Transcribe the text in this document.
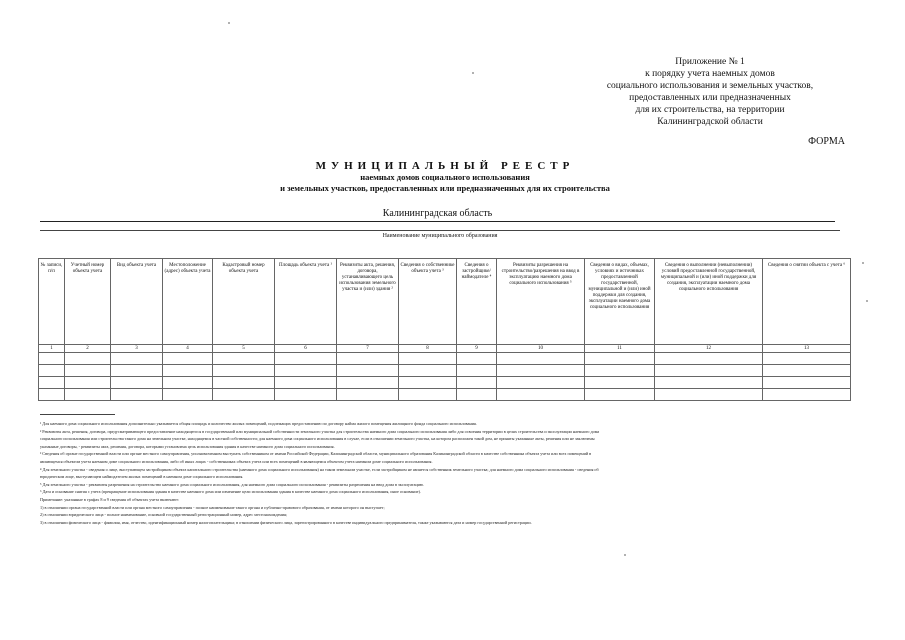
Приложение № 1
к порядку учета наемных домов
социального использования и земельных участков,
предоставленных или предназначенных
для их строительства, на территории
Калининградской области
ФОРМА
МУНИЦИПАЛЬНЫЙ РЕЕСТР
наемных домов социального использования
и земельных участков, предоставленных или предназначенных для их строительства
Калининградская область
Наименование муниципального образования
№ записи, п/п	Учетный номер объекта учета	Вид объекта учета	Местоположение (адрес) объекта учета	Кадастровый номер объекта учета	Площадь объекта учета ¹	Реквизиты акта, решения, договора, устанавливающего цель использования земельного участка и (или) здания ²	Сведения о собственнике объекта учета ³	Сведения о застройщике/ наймодателе ⁴	Реквизиты разрешения на строительство/разрешения на ввод в эксплуатацию наемного дома социального использования ⁵	Сведения о видах, объемах, условиях и источниках предоставленной государственной, муниципальной и (или) иной поддержки для создания, эксплуатации наемного дома социального использования	Сведения о выполнении (невыполнении) условий предоставленной государственной, муниципальной и (или) иной поддержки для создания, эксплуатации наемного дома социального использования	Сведения о снятии объекта с учета ⁶
1	2	3	4	5	6	7	8	9	10	11	12	13

¹ Для наемного дома социального использования дополнительно указывается общая площадь и количество жилых помещений, подлежащих предоставлению по договору найма жилого помещения жилищного фонда социального использования.
² Реквизиты акта, решения, договора, предусматривающего предоставление находящегося в государственной или муниципальной собственности земельного участка для строительства наемного дома социального использования либо для освоения территории в целях строительства и эксплуатации наемного дома
социального использования или строительства такого дома на земельном участке, находящемся в частной собственности; для наемного дома социального использования в случае, если в отношении земельного участка, на котором расположен такой дом, не приняты указанные акты, решения или не заключены
указанные договоры, - реквизиты акта, решения, договора, которыми установлена цель использования здания в качестве наемного дома социального использования.
³ Сведения об органе государственной власти или органе местного самоуправления, уполномоченном выступать собственником от имени Российской Федерации, Калининградской области, муниципального образования Калининградской области в качестве собственника объекта учета или всех помещений в
являющемся объектом учета наемном доме социального использования, либо об иных лицах - собственниках объекта учета или всех помещений в являющемся объектом учета наемном доме социального использования.
⁴ Для земельного участка - сведения о лице, выступающем застройщиком объекта капитального строительства (наемного дома социального использования) на таком земельном участке, если застройщиком не является собственник земельного участка; для наемного дома социального использования - сведения об
юридическом лице, выступающем наймодателем жилых помещений в наемном доме социального использования.
⁵ Для земельного участка - реквизиты разрешения на строительство наемного дома социального использования, для наемного дома социального использования - реквизиты разрешения на ввод дома в эксплуатацию.
⁶ Дата и основание снятия с учета (прекращение использования здания в качестве наемного дома или изменение цели использования здания в качестве наемного дома социального использования, иное основание).
Примечание: указанные в графах 8 и 9 сведения об объектах учета включают:
1) в отношении органа государственной власти или органа местного самоуправления - полное наименование такого органа и публично-правового образования, от имени которого он выступает;
2) в отношении юридического лица - полное наименование, основной государственный регистрационный номер, адрес местонахождения;
3) в отношении физического лица - фамилия, имя, отчество, идентификационный номер налогоплательщика; в отношении физического лица, зарегистрированного в качестве индивидуального предпринимателя, также указываются дата и номер государственной регистрации.
